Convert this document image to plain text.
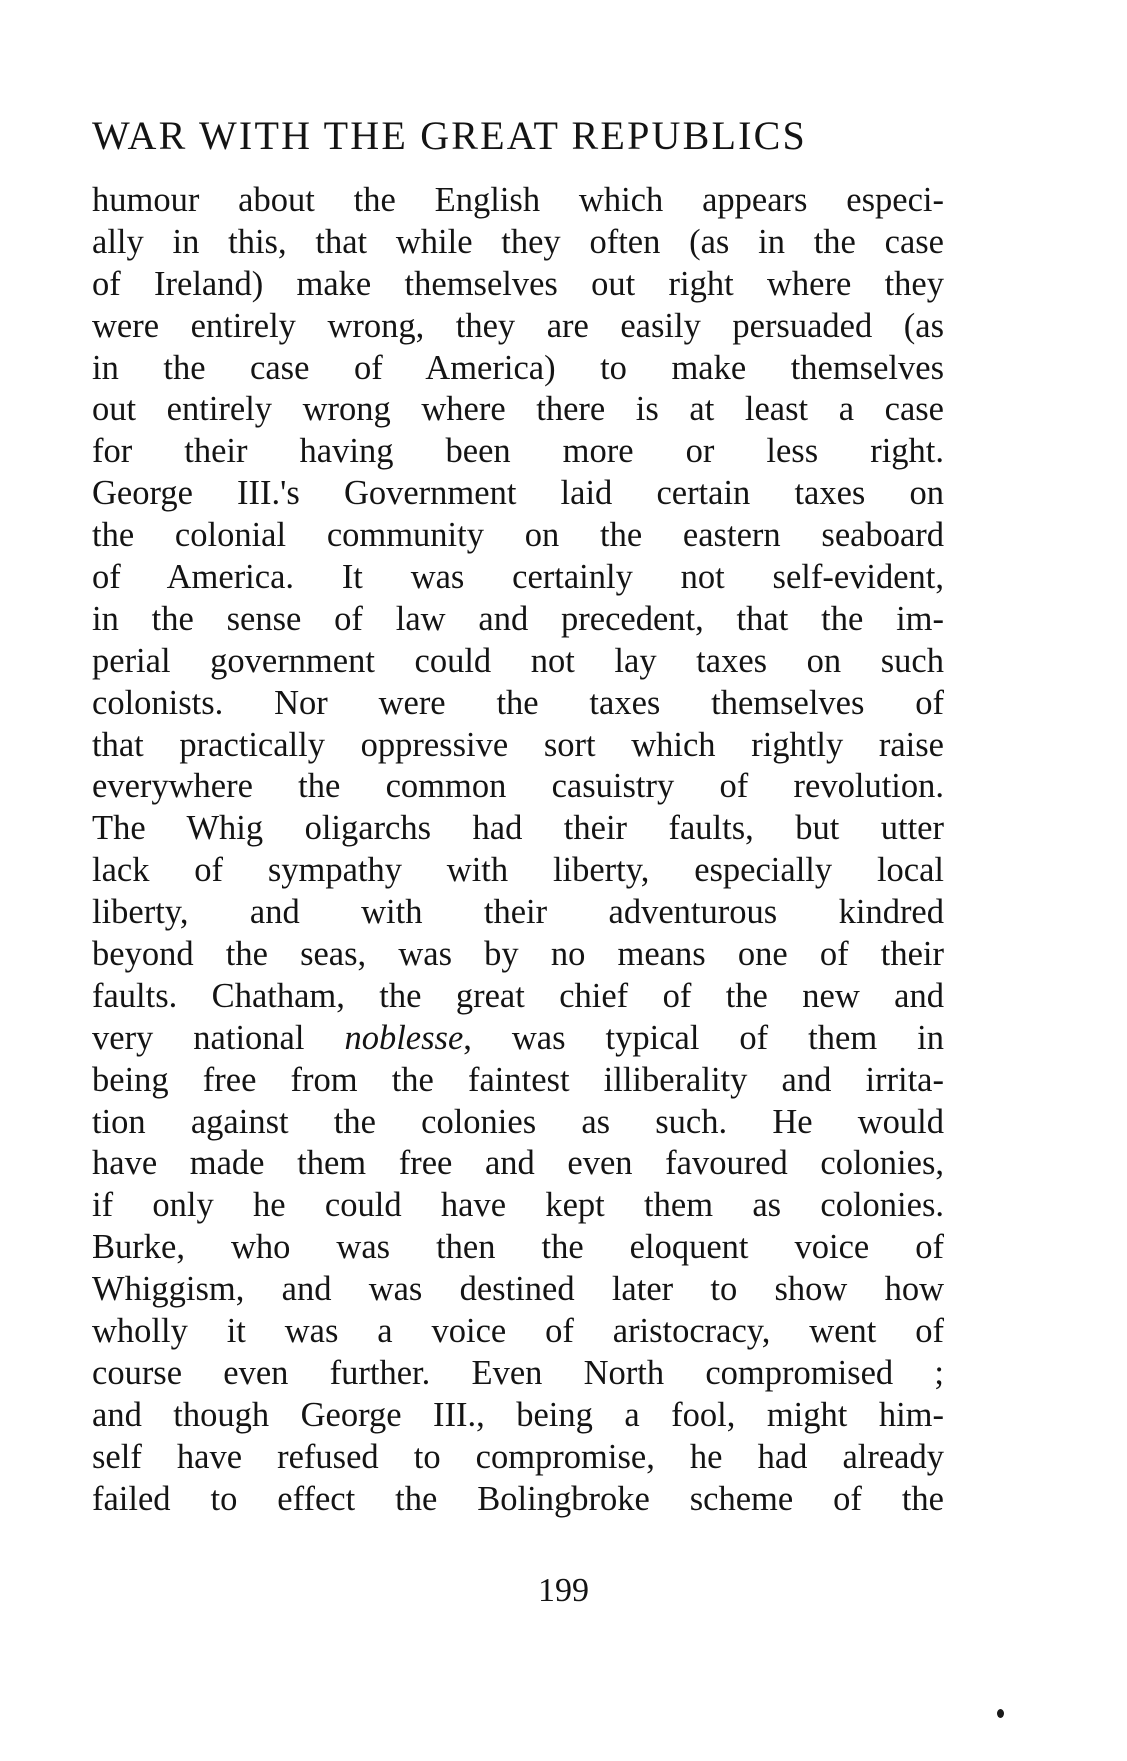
WAR WITH THE GREAT REPUBLICS
humour about the English which appears especi-
ally in this, that while they often (as in the case
of Ireland) make themselves out right where they
were entirely wrong, they are easily persuaded (as
in the case of America) to make themselves
out entirely wrong where there is at least a case
for their having been more or less right.
George III.'s Government laid certain taxes on
the colonial community on the eastern seaboard
of America. It was certainly not self-evident,
in the sense of law and precedent, that the im-
perial government could not lay taxes on such
colonists. Nor were the taxes themselves of
that practically oppressive sort which rightly raise
everywhere the common casuistry of revolution.
The Whig oligarchs had their faults, but utter
lack of sympathy with liberty, especially local
liberty, and with their adventurous kindred
beyond the seas, was by no means one of their
faults. Chatham, the great chief of the new and
very national noblesse, was typical of them in
being free from the faintest illiberality and irrita-
tion against the colonies as such. He would
have made them free and even favoured colonies,
if only he could have kept them as colonies.
Burke, who was then the eloquent voice of
Whiggism, and was destined later to show how
wholly it was a voice of aristocracy, went of
course even further. Even North compromised ;
and though George III., being a fool, might him-
self have refused to compromise, he had already
failed to effect the Bolingbroke scheme of the
199
